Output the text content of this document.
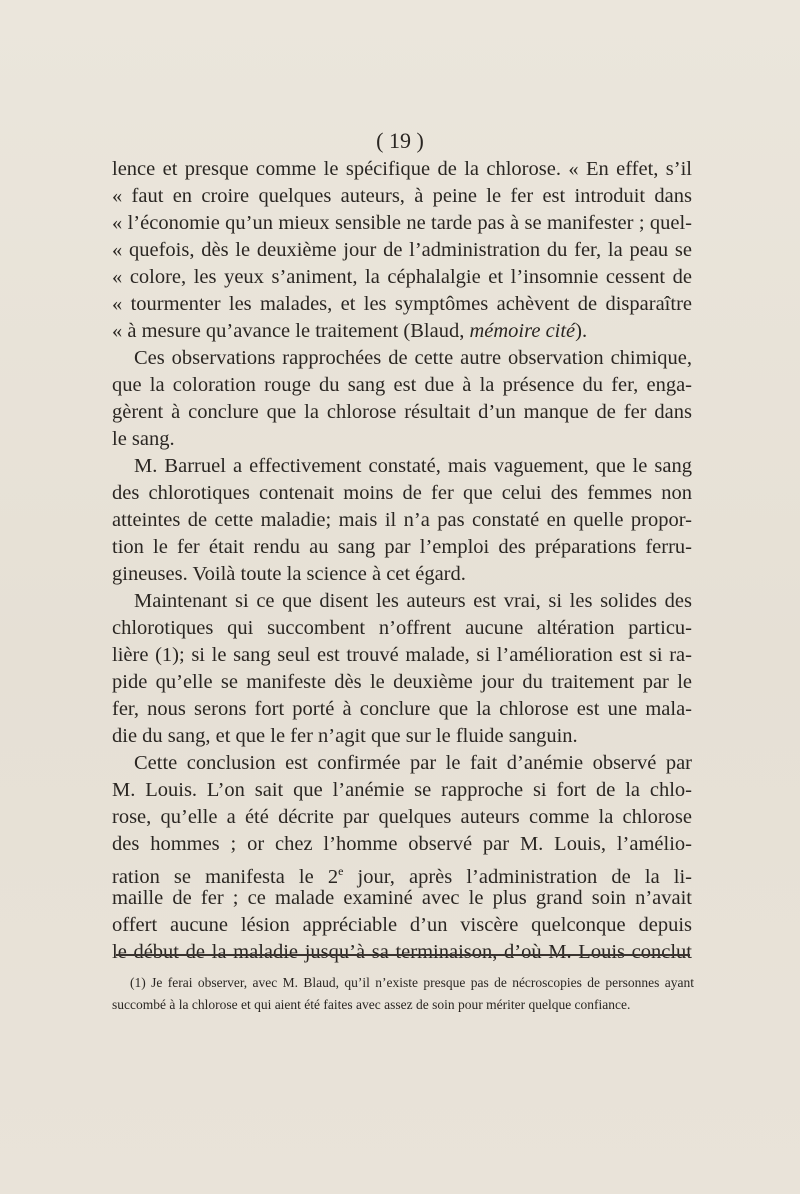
( 19 )
lence et presque comme le spécifique de la chlorose. « En effet, s’il
« faut en croire quelques auteurs, à peine le fer est introduit dans
« l’économie qu’un mieux sensible ne tarde pas à se manifester ; quel-
« quefois, dès le deuxième jour de l’administration du fer, la peau se
« colore, les yeux s’animent, la céphalalgie et l’insomnie cessent de
« tourmenter les malades, et les symptômes achèvent de disparaître
« à mesure qu’avance le traitement (Blaud, mémoire cité).
Ces observations rapprochées de cette autre observation chimique,
que la coloration rouge du sang est due à la présence du fer, enga-
gèrent à conclure que la chlorose résultait d’un manque de fer dans
le sang.
M. Barruel a effectivement constaté, mais vaguement, que le sang
des chlorotiques contenait moins de fer que celui des femmes non
atteintes de cette maladie; mais il n’a pas constaté en quelle propor-
tion le fer était rendu au sang par l’emploi des préparations ferru-
gineuses. Voilà toute la science à cet égard.
Maintenant si ce que disent les auteurs est vrai, si les solides des
chlorotiques qui succombent n’offrent aucune altération particu-
lière (1); si le sang seul est trouvé malade, si l’amélioration est si ra-
pide qu’elle se manifeste dès le deuxième jour du traitement par le
fer, nous serons fort porté à conclure que la chlorose est une mala-
die du sang, et que le fer n’agit que sur le fluide sanguin.
Cette conclusion est confirmée par le fait d’anémie observé par
M. Louis. L’on sait que l’anémie se rapproche si fort de la chlo-
rose, qu’elle a été décrite par quelques auteurs comme la chlorose
des hommes ; or chez l’homme observé par M. Louis, l’amélio-
ration se manifesta le 2e jour, après l’administration de la li-
maille de fer ; ce malade examiné avec le plus grand soin n’avait
offert aucune lésion appréciable d’un viscère quelconque depuis
le début de la maladie jusqu’à sa terminaison, d’où M. Louis conclut
(1) Je ferai observer, avec M. Blaud, qu’il n’existe presque pas de nécroscopies de personnes ayant
succombé à la chlorose et qui aient été faites avec assez de soin pour mériter quelque confiance.
